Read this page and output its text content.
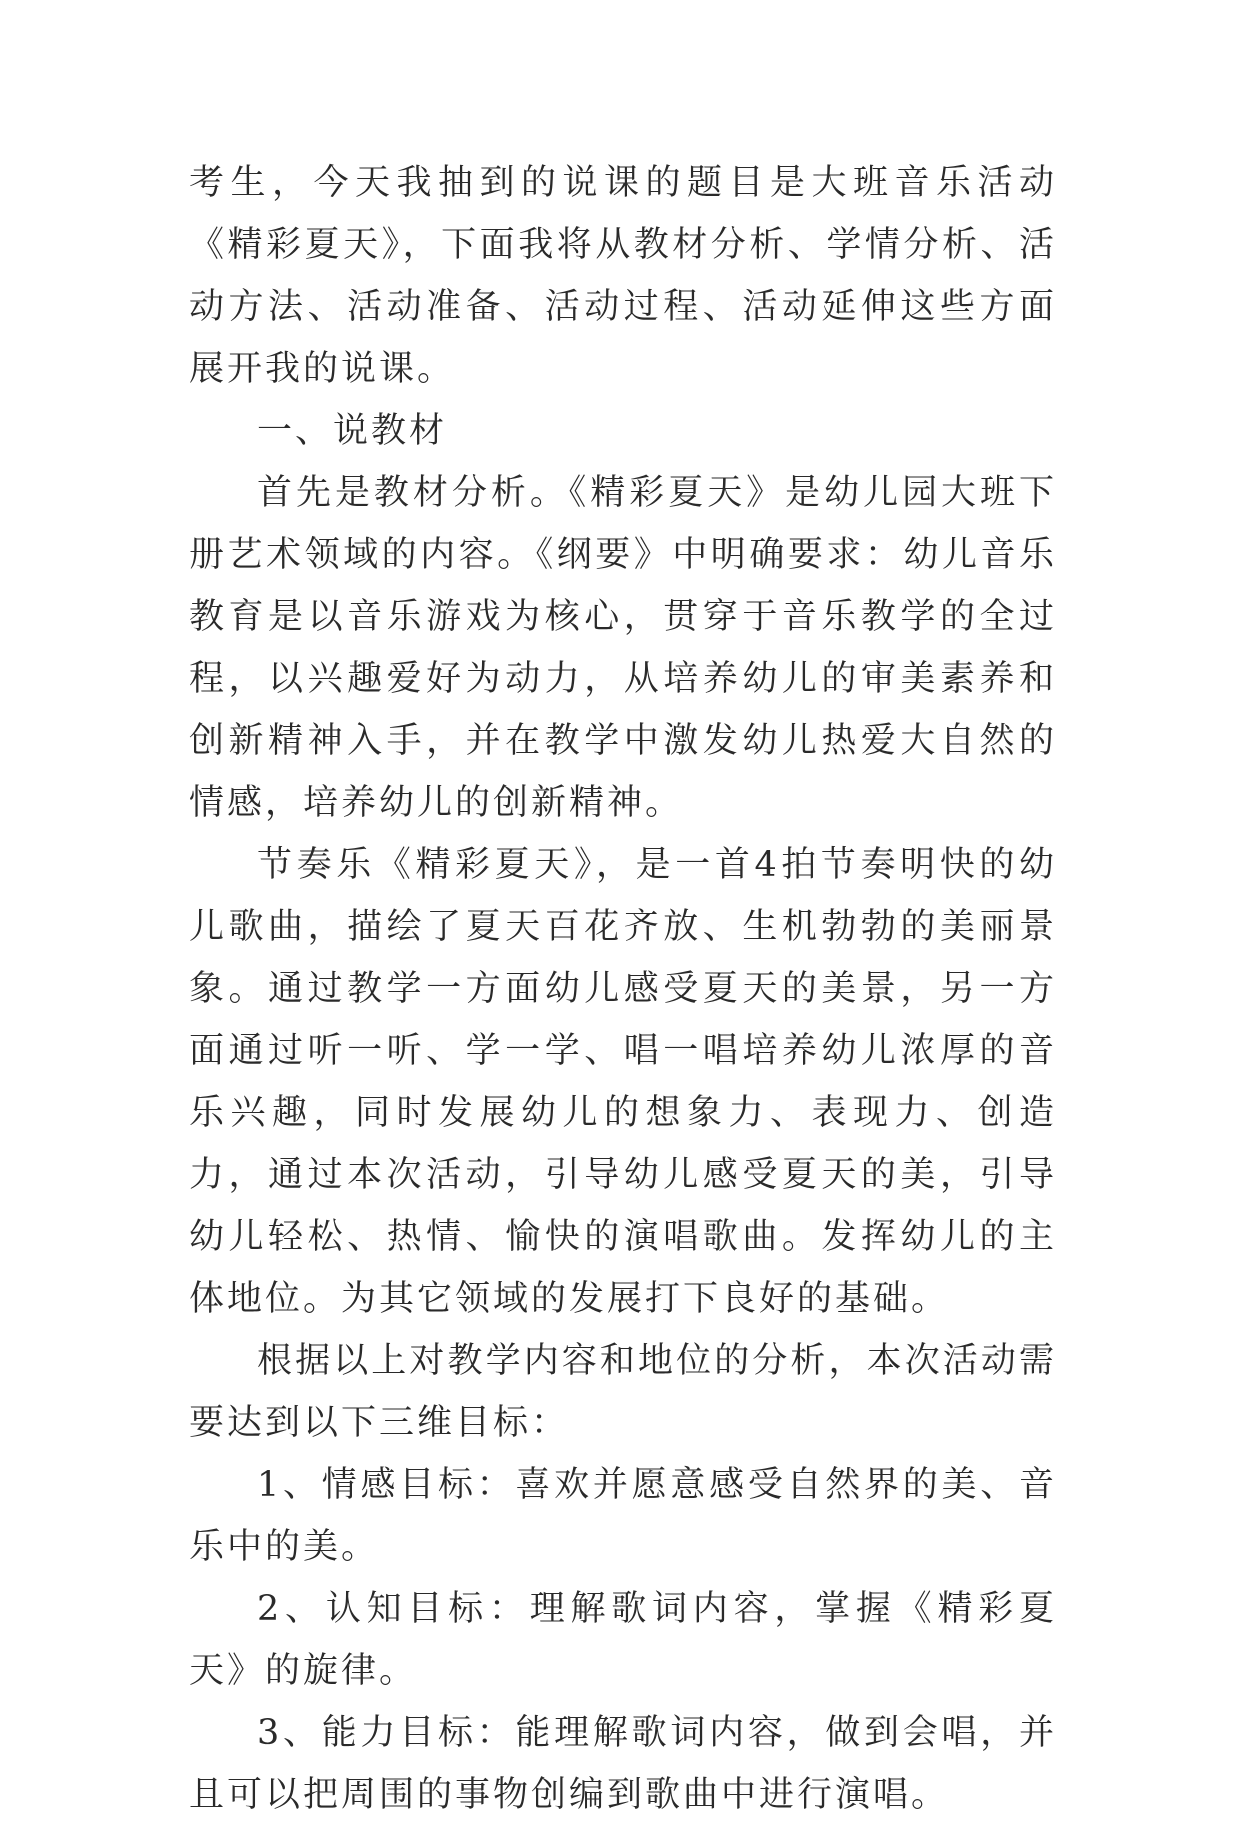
考生，今天我抽到的说课的题目是大班音乐活动《精彩夏天》，下面我将从教材分析、学情分析、活动方法、活动准备、活动过程、活动延伸这些方面展开我的说课。

一、说教材

首先是教材分析。《精彩夏天》是幼儿园大班下册艺术领域的内容。《纲要》中明确要求：幼儿音乐教育是以音乐游戏为核心，贯穿于音乐教学的全过程，以兴趣爱好为动力，从培养幼儿的审美素养和创新精神入手，并在教学中激发幼儿热爱大自然的情感，培养幼儿的创新精神。

节奏乐《精彩夏天》，是一首4拍节奏明快的幼儿歌曲，描绘了夏天百花齐放、生机勃勃的美丽景象。通过教学一方面幼儿感受夏天的美景，另一方面通过听一听、学一学、唱一唱培养幼儿浓厚的音乐兴趣，同时发展幼儿的想象力、表现力、创造力，通过本次活动，引导幼儿感受夏天的美，引导幼儿轻松、热情、愉快的演唱歌曲。发挥幼儿的主体地位。为其它领域的发展打下良好的基础。

根据以上对教学内容和地位的分析，本次活动需要达到以下三维目标：

1、情感目标：喜欢并愿意感受自然界的美、音乐中的美。

2、认知目标：理解歌词内容，掌握《精彩夏天》的旋律。

3、能力目标：能理解歌词内容，做到会唱，并且可以把周围的事物创编到歌曲中进行演唱。
